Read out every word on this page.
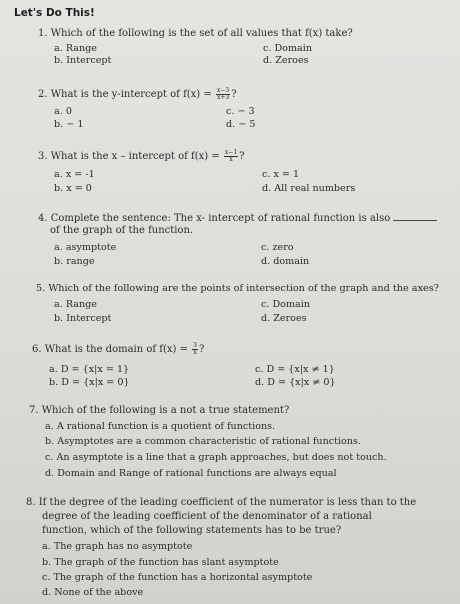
Let's Do This!
1. Which of the following is the set of all values that f(x) take?
a. Range
b. Intercept
c. Domain
d. Zeroes
2. What is the y-intercept of $f(x) = \frac{x-3}{x+3}$ ?
a. 0
b. − 1
c. − 3
d. − 5
3. What is the x – intercept of $f(x) = \frac{x-1}{x}$ ?
a. x = -1
b. x = 0
c. x = 1
d. All real numbers
4. Complete the sentence: The x- intercept of rational function is also
of the graph of the function.
a. asymptote
b. range
c. zero
d. domain
5. Which of the following are the points of intersection of the graph and the axes?
a. Range
b. Intercept
c. Domain
d. Zeroes
6. What is the domain of $f(x) = \frac{3}{x}$ ?
a. D = {x|x = 1}
b. D = {x|x = 0}
c. D = {x|x ≠ 1}
d. D = {x|x ≠ 0}
7. Which of the following is a not a true statement?
a. A rational function is a quotient of functions.
b. Asymptotes are a common characteristic of rational functions.
c. An asymptote is a line that a graph approaches, but does not touch.
d. Domain and Range of rational functions are always equal
8. If the degree of the leading coefficient of the numerator is less than to the
degree of the leading coefficient of the denominator of a rational
function, which of the following statements has to be true?
a. The graph has no asymptote
b. The graph of the function has slant asymptote
c. The graph of the function has a horizontal asymptote
d. None of the above
